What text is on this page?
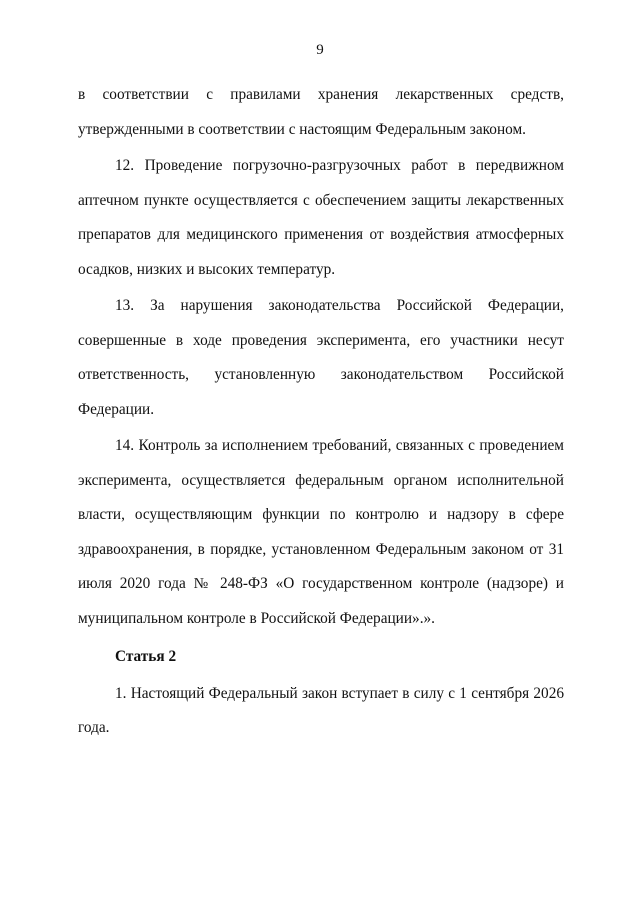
9

в соответствии с правилами хранения лекарственных средств, утвержденными в соответствии с настоящим Федеральным законом.

12. Проведение погрузочно-разгрузочных работ в передвижном аптечном пункте осуществляется с обеспечением защиты лекарственных препаратов для медицинского применения от воздействия атмосферных осадков, низких и высоких температур.

13. За нарушения законодательства Российской Федерации, совершенные в ходе проведения эксперимента, его участники несут ответственность, установленную законодательством Российской Федерации.

14. Контроль за исполнением требований, связанных с проведением эксперимента, осуществляется федеральным органом исполнительной власти, осуществляющим функции по контролю и надзору в сфере здравоохранения, в порядке, установленном Федеральным законом от 31 июля 2020 года № 248-ФЗ «О государственном контроле (надзоре) и муниципальном контроле в Российской Федерации».».

Статья 2

1. Настоящий Федеральный закон вступает в силу с 1 сентября 2026 года.
